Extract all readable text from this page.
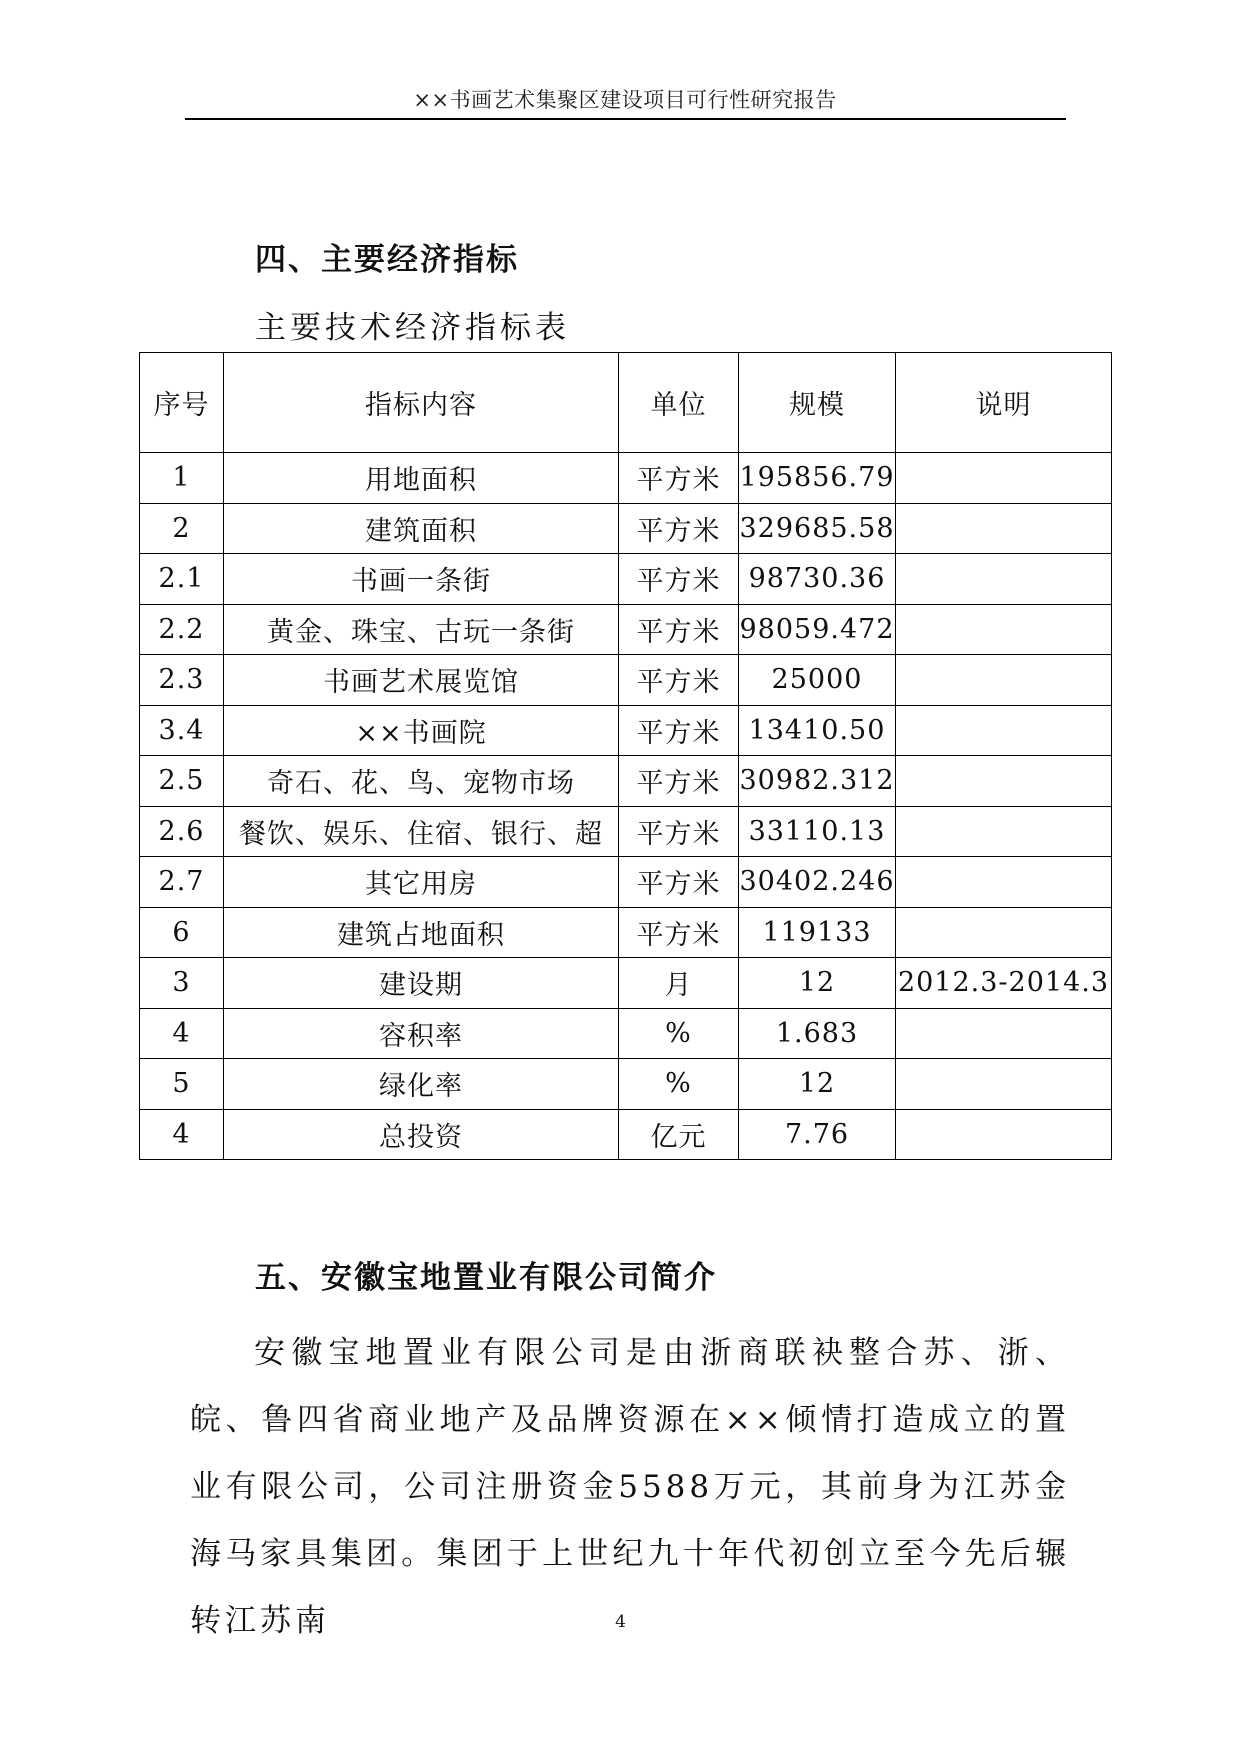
××书画艺术集聚区建设项目可行性研究报告
四、主要经济指标
主要技术经济指标表
序号	指标内容	单位	规模	说明
1	用地面积	平方米	195856.79	
2	建筑面积	平方米	329685.58	
2.1	书画一条街	平方米	98730.36	
2.2	黄金、珠宝、古玩一条街	平方米	98059.472	
2.3	书画艺术展览馆	平方米	25000	
3.4	××书画院	平方米	13410.50	
2.5	奇石、花、鸟、宠物市场	平方米	30982.312	
2.6	餐饮、娱乐、住宿、银行、超	平方米	33110.13	
2.7	其它用房	平方米	30402.246	
6	建筑占地面积	平方米	119133	
3	建设期	月	12	2012.3-2014.3
4	容积率	%	1.683	
5	绿化率	%	12	
4	总投资	亿元	7.76	
五、安徽宝地置业有限公司简介
安徽宝地置业有限公司是由浙商联袂整合苏、浙、皖、鲁四省商业地产及品牌资源在××倾情打造成立的置业有限公司，公司注册资金5588万元，其前身为江苏金海马家具集团。集团于上世纪九十年代初创立至今先后辗转江苏南	4
